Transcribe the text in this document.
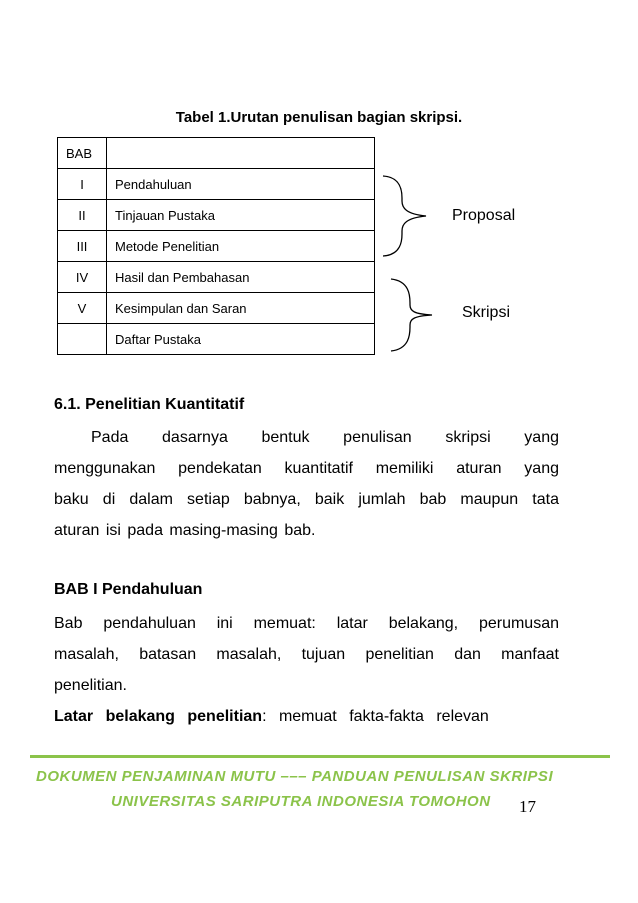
Tabel 1.Urutan penulisan bagian skripsi.
BAB	
I	Pendahuluan
II	Tinjauan Pustaka
III	Metode Penelitian
IV	Hasil dan Pembahasan
V	Kesimpulan dan Saran
	Daftar Pustaka
Proposal
Skripsi
6.1. Penelitian Kuantitatif
Pada dasarnya bentuk penulisan skripsi yang
menggunakan pendekatan kuantitatif memiliki aturan yang
baku di dalam setiap babnya, baik jumlah bab maupun tata
aturan isi pada masing-masing bab.
BAB I Pendahuluan
Bab pendahuluan ini memuat: latar belakang, perumusan
masalah, batasan masalah, tujuan penelitian dan manfaat
penelitian.
Latar belakang penelitian: memuat fakta-fakta relevan
DOKUMEN PENJAMINAN MUTU ––– PANDUAN PENULISAN SKRIPSI
UNIVERSITAS SARIPUTRA INDONESIA TOMOHON 17
